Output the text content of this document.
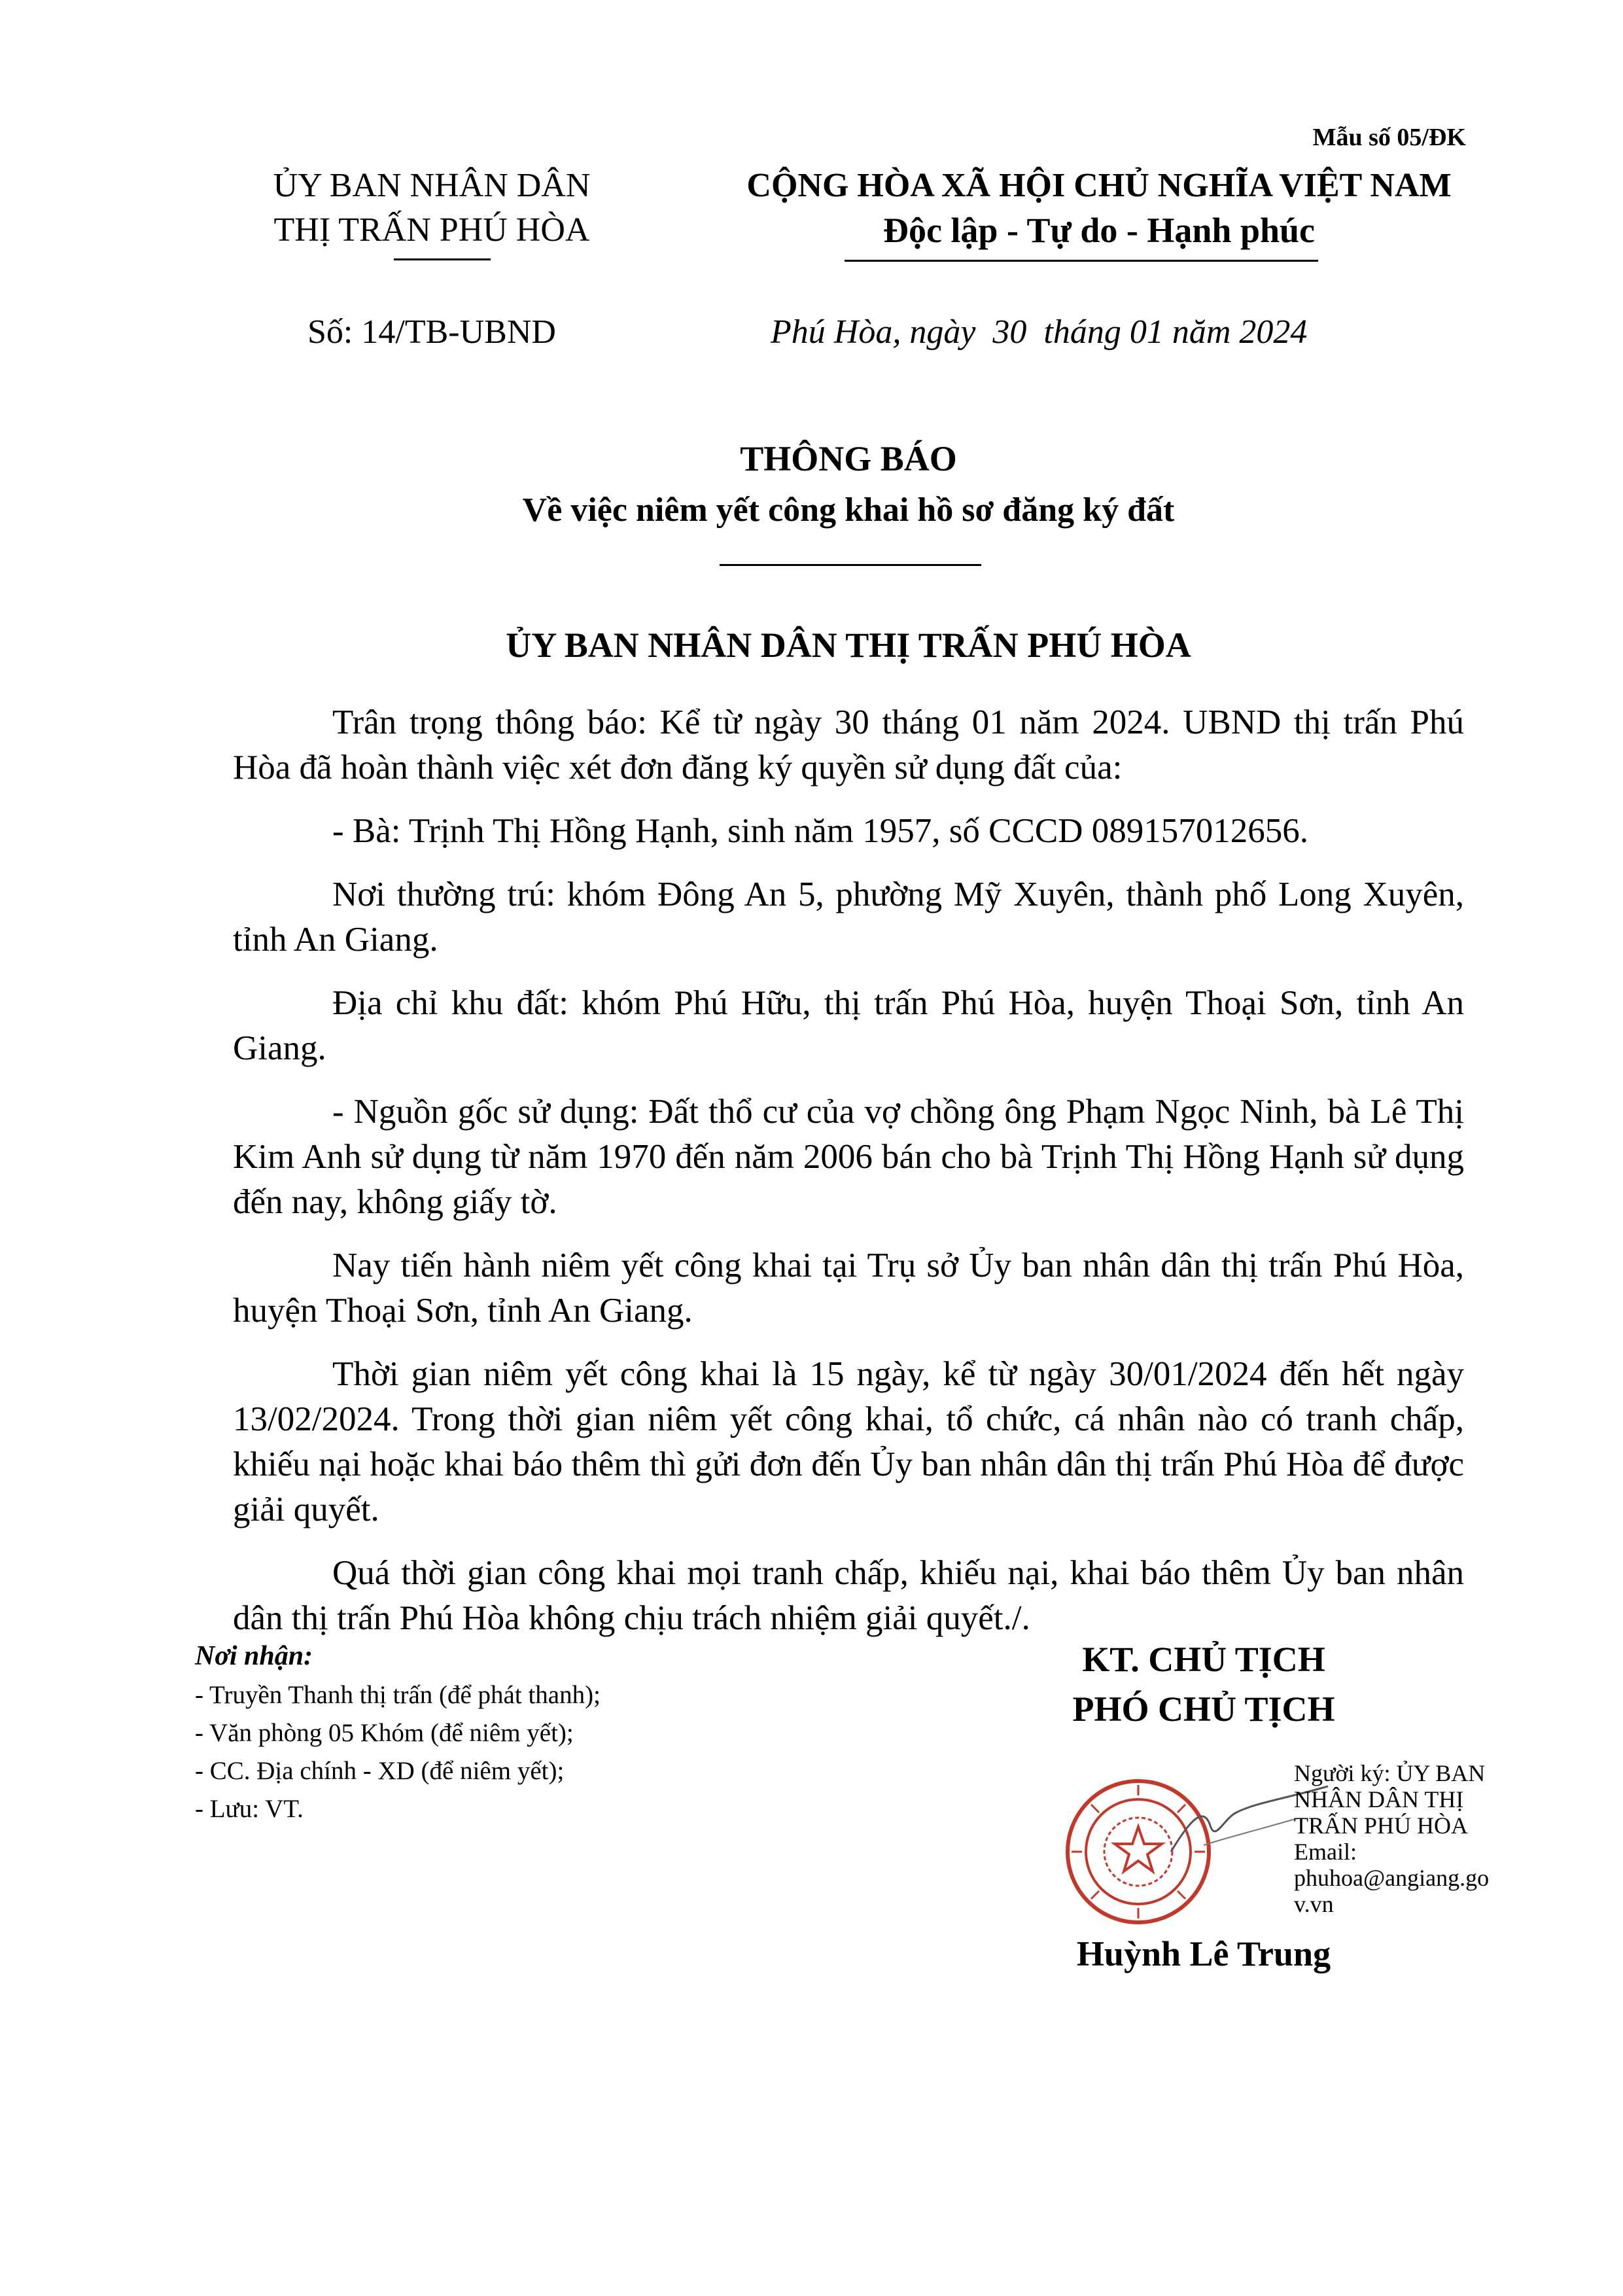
Mẫu số 05/ĐK
ỦY BAN NHÂN DÂN
THỊ TRẤN PHÚ HÒA
CỘNG HÒA XÃ HỘI CHỦ NGHĨA VIỆT NAM
Độc lập - Tự do - Hạnh phúc
Số: 14/TB-UBND	Phú Hòa, ngày  30  tháng 01 năm 2024
THÔNG BÁO
Về việc niêm yết công khai hồ sơ đăng ký đất
ỦY BAN NHÂN DÂN THỊ TRẤN PHÚ HÒA

Trân trọng thông báo: Kể từ ngày 30 tháng 01 năm 2024. UBND thị trấn Phú Hòa đã hoàn thành việc xét đơn đăng ký quyền sử dụng đất của:

- Bà: Trịnh Thị Hồng Hạnh, sinh năm 1957, số CCCD 089157012656.

Nơi thường trú: khóm Đông An 5, phường Mỹ Xuyên, thành phố Long Xuyên, tỉnh An Giang.

Địa chỉ khu đất: khóm Phú Hữu, thị trấn Phú Hòa, huyện Thoại Sơn, tỉnh An Giang.

- Nguồn gốc sử dụng: Đất thổ cư của vợ chồng ông Phạm Ngọc Ninh, bà Lê Thị Kim Anh sử dụng từ năm 1970 đến năm 2006 bán cho bà Trịnh Thị Hồng Hạnh sử dụng đến nay, không giấy tờ.

Nay tiến hành niêm yết công khai tại Trụ sở Ủy ban nhân dân thị trấn Phú Hòa, huyện Thoại Sơn, tỉnh An Giang.

Thời gian niêm yết công khai là 15 ngày, kể từ ngày 30/01/2024 đến hết ngày 13/02/2024. Trong thời gian niêm yết công khai, tổ chức, cá nhân nào có tranh chấp, khiếu nại hoặc khai báo thêm thì gửi đơn đến Ủy ban nhân dân thị trấn Phú Hòa để được giải quyết.

Quá thời gian công khai mọi tranh chấp, khiếu nại, khai báo thêm Ủy ban nhân dân thị trấn Phú Hòa không chịu trách nhiệm giải quyết./.

Nơi nhận:
- Truyền Thanh thị trấn (để phát thanh);
- Văn phòng 05 Khóm (để niêm yết);
- CC. Địa chính - XD (để niêm yết);
- Lưu: VT.
KT. CHỦ TỊCH
PHÓ CHỦ TỊCH
Người ký: ỦY BAN
NHÂN DÂN THỊ
TRẤN PHÚ HÒA
Email:
phuhoa@angiang.go
v.vn
Huỳnh Lê Trung
